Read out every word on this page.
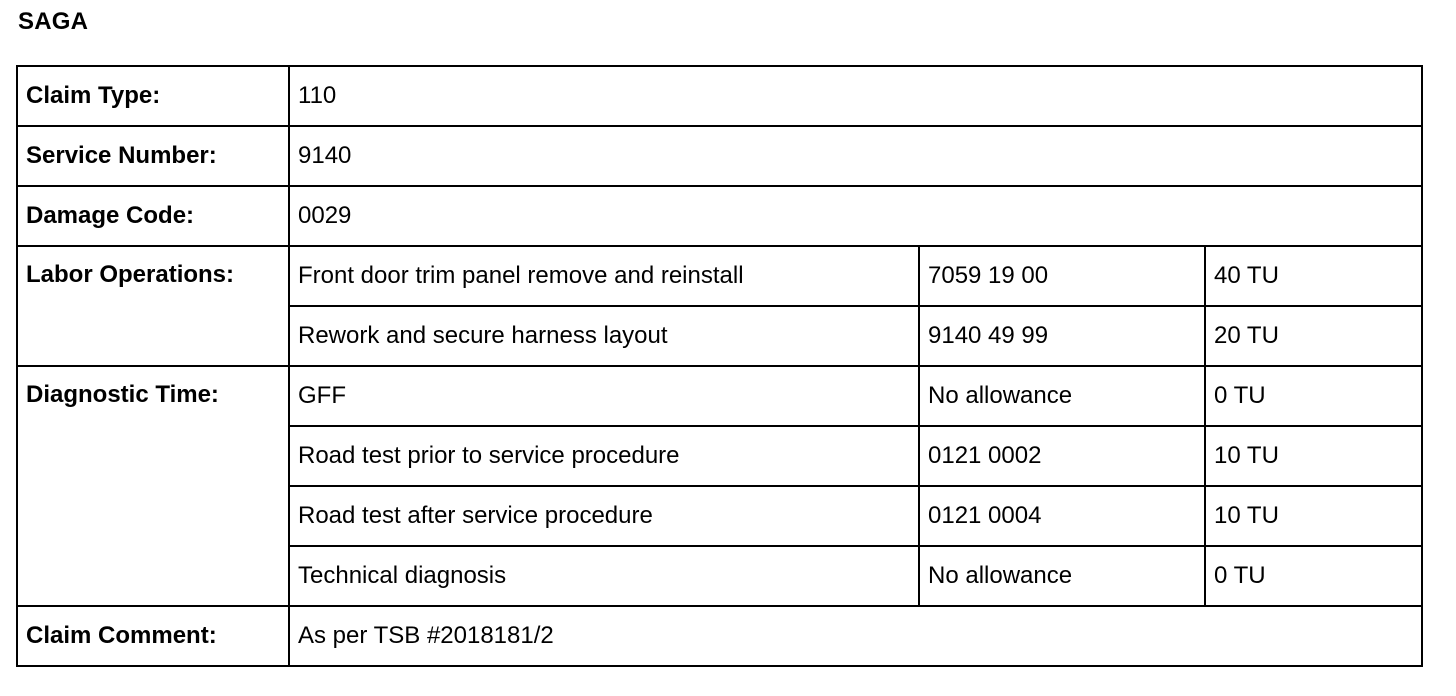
SAGA
Claim Type:	110		
Service Number:	9140		
Damage Code:	0029		
Labor Operations:	Front door trim panel remove and reinstall	7059 19 00	40 TU
	Rework and secure harness layout	9140 49 99	20 TU
Diagnostic Time:	GFF	No allowance	0 TU
	Road test prior to service procedure	0121 0002	10 TU
	Road test after service procedure	0121 0004	10 TU
	Technical diagnosis	No allowance	0 TU
Claim Comment:	As per TSB #2018181/2		
